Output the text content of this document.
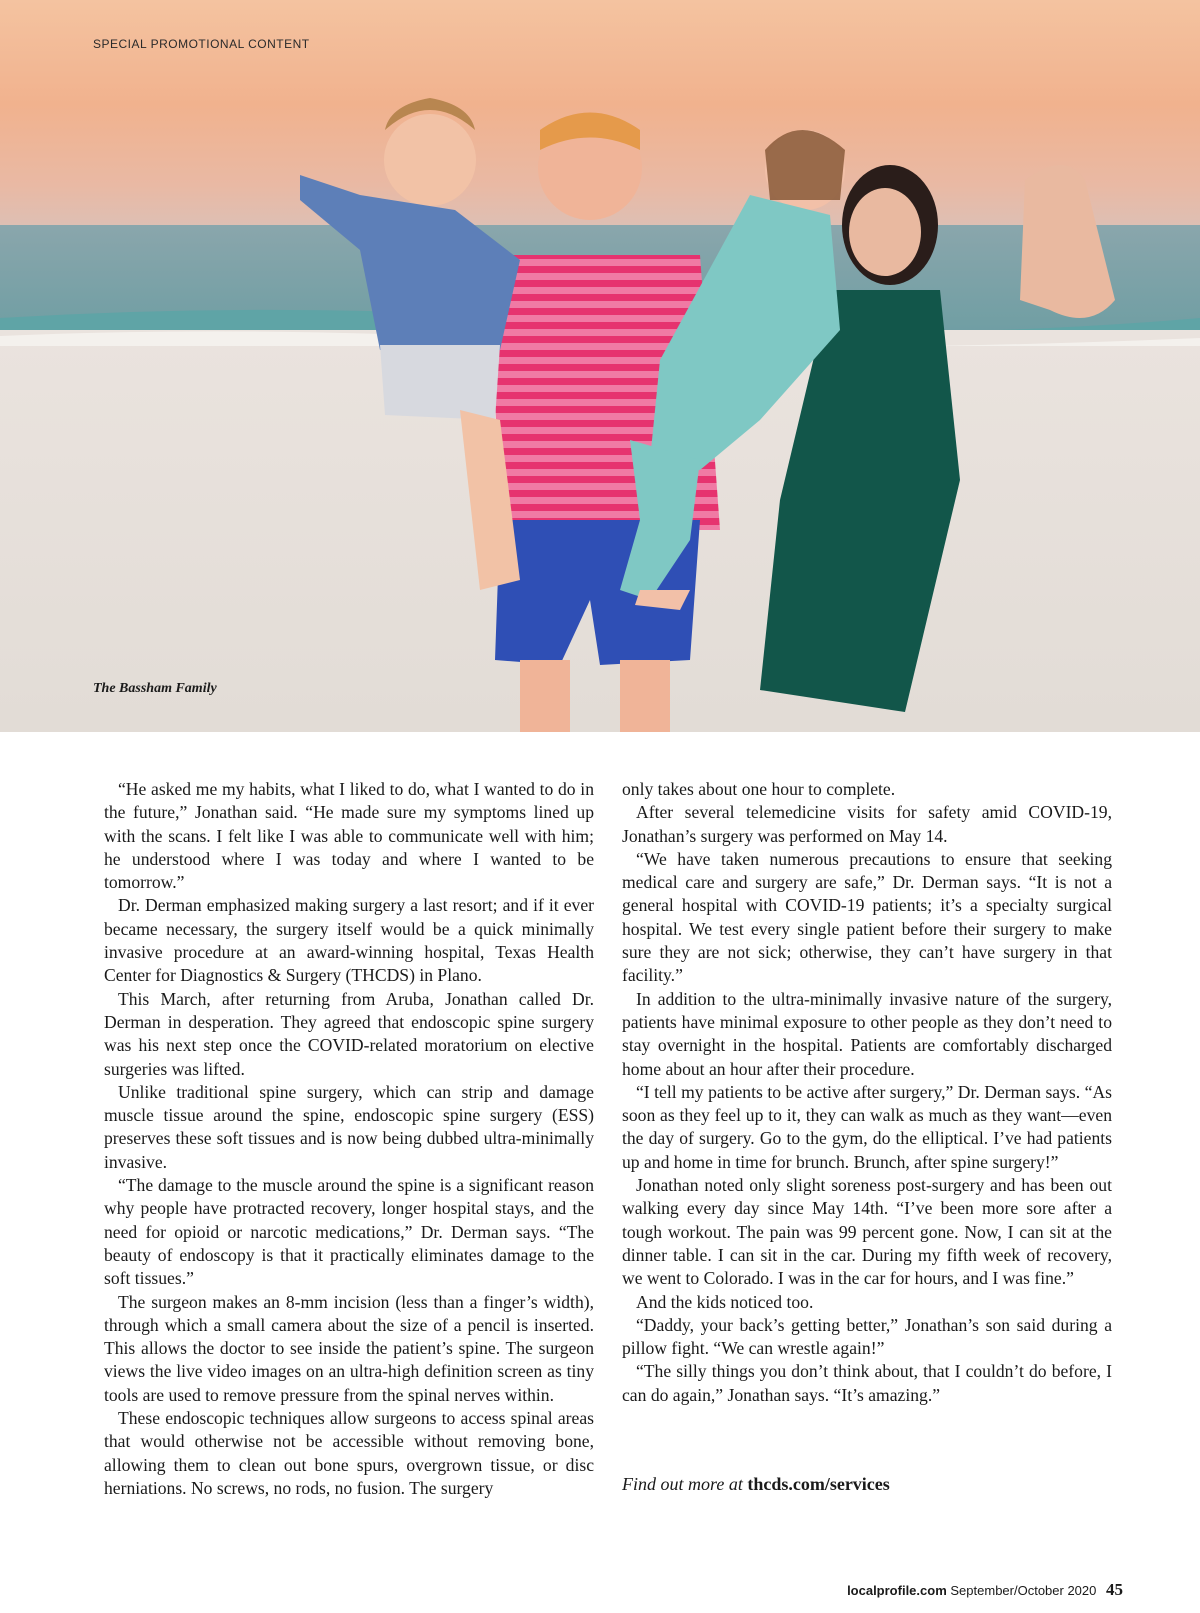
SPECIAL PROMOTIONAL CONTENT
The Bassham Family

“He asked me my habits, what I liked to do, what I wanted to do in the future,” Jonathan said. “He made sure my symptoms lined up with the scans. I felt like I was able to communicate well with him; he understood where I was today and where I wanted to be tomorrow.”

Dr. Derman emphasized making surgery a last resort; and if it ever became necessary, the surgery itself would be a quick minimally invasive procedure at an award-winning hospital, Texas Health Center for Diagnostics & Surgery (THCDS) in Plano.

This March, after returning from Aruba, Jonathan called Dr. Derman in desperation. They agreed that endoscopic spine surgery was his next step once the COVID-related moratorium on elective surgeries was lifted.

Unlike traditional spine surgery, which can strip and damage muscle tissue around the spine, endoscopic spine surgery (ESS) preserves these soft tissues and is now being dubbed ultra-minimally invasive.

“The damage to the muscle around the spine is a significant reason why people have protracted recovery, longer hospital stays, and the need for opioid or narcotic medications,” Dr. Derman says. “The beauty of endoscopy is that it practically eliminates damage to the soft tissues.”

The surgeon makes an 8-mm incision (less than a finger’s width), through which a small camera about the size of a pencil is inserted. This allows the doctor to see inside the patient’s spine. The surgeon views the live video images on an ultra-high definition screen as tiny tools are used to remove pressure from the spinal nerves within.

These endoscopic techniques allow surgeons to access spinal areas that would otherwise not be accessible without removing bone, allowing them to clean out bone spurs, overgrown tissue, or disc herniations. No screws, no rods, no fusion. The surgery

only takes about one hour to complete.

After several telemedicine visits for safety amid COVID-19, Jonathan’s surgery was performed on May 14.

“We have taken numerous precautions to ensure that seeking medical care and surgery are safe,” Dr. Derman says. “It is not a general hospital with COVID-19 patients; it’s a specialty surgical hospital. We test every single patient before their surgery to make sure they are not sick; otherwise, they can’t have surgery in that facility.”

In addition to the ultra-minimally invasive nature of the surgery, patients have minimal exposure to other people as they don’t need to stay overnight in the hospital. Patients are comfortably discharged home about an hour after their procedure.

“I tell my patients to be active after surgery,” Dr. Derman says. “As soon as they feel up to it, they can walk as much as they want—even the day of surgery. Go to the gym, do the elliptical. I’ve had patients up and home in time for brunch. Brunch, after spine surgery!”

Jonathan noted only slight soreness post-surgery and has been out walking every day since May 14th. “I’ve been more sore after a tough workout. The pain was 99 percent gone. Now, I can sit at the dinner table. I can sit in the car. During my fifth week of recovery, we went to Colorado. I was in the car for hours, and I was fine.”

And the kids noticed too.

“Daddy, your back’s getting better,” Jonathan’s son said during a pillow fight. “We can wrestle again!”

“The silly things you don’t think about, that I couldn’t do before, I can do again,” Jonathan says. “It’s amazing.”

Find out more at thcds.com/services
localprofile.com September/October 2020 45
